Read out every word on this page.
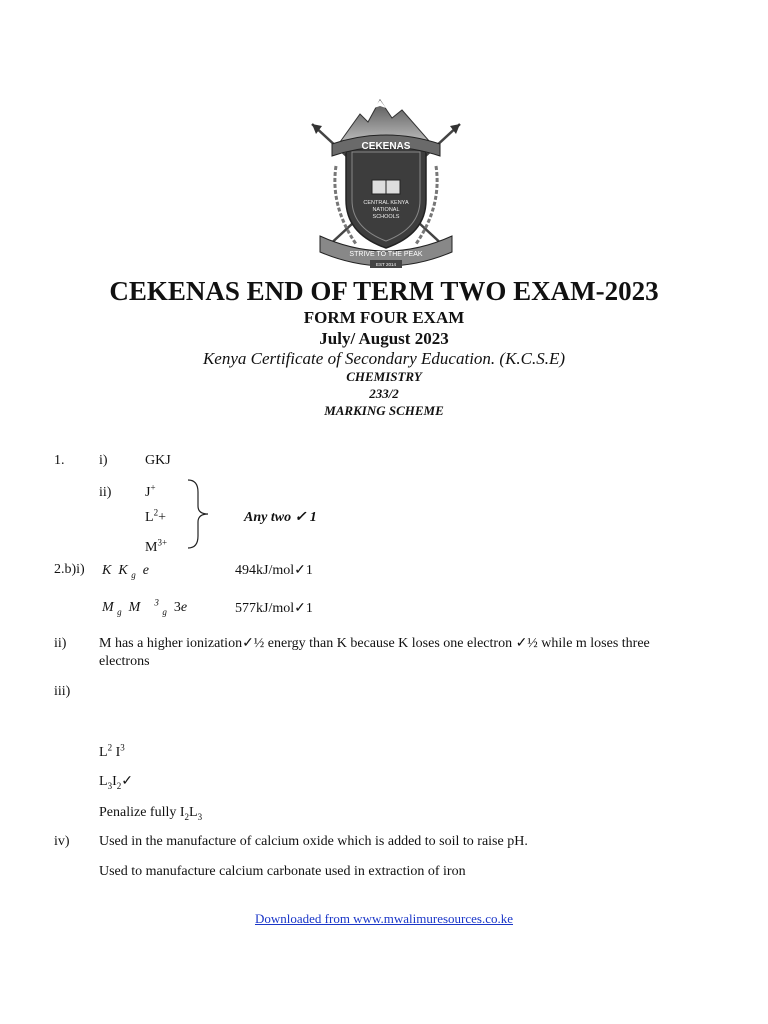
CEKENAS
CENTRAL KENYA
NATIONAL
SCHOOLS
STRIVE TO THE PEAK
EST 2014
CEKENAS END OF TERM TWO EXAM-2023
FORM FOUR EXAM
July/ August 2023
Kenya Certificate of Secondary Education. (K.C.S.E)
CHEMISTRY
233/2
MARKING SCHEME
1. i)	GKJ
ii) J+
$L^2+$
$M^{3+}$
Any two ✓ 1
2.b)i) K K $_g$ e	494kJ/mol✓1
M $_g$ M $^3$ $_g$ 3e	577kJ/mol✓1
ii) M has a higher ionization✓½ energy than K because K loses one electron ✓½ while m loses three
electrons
iii)
$L^2$ $I^3$
$L_3I_2✓$
Penalize fully $I_2L_3$
iv) Used in the manufacture of calcium oxide which is added to soil to raise pH.
Used to manufacture calcium carbonate used in extraction of iron
Downloaded from www.mwalimuresources.co.ke
